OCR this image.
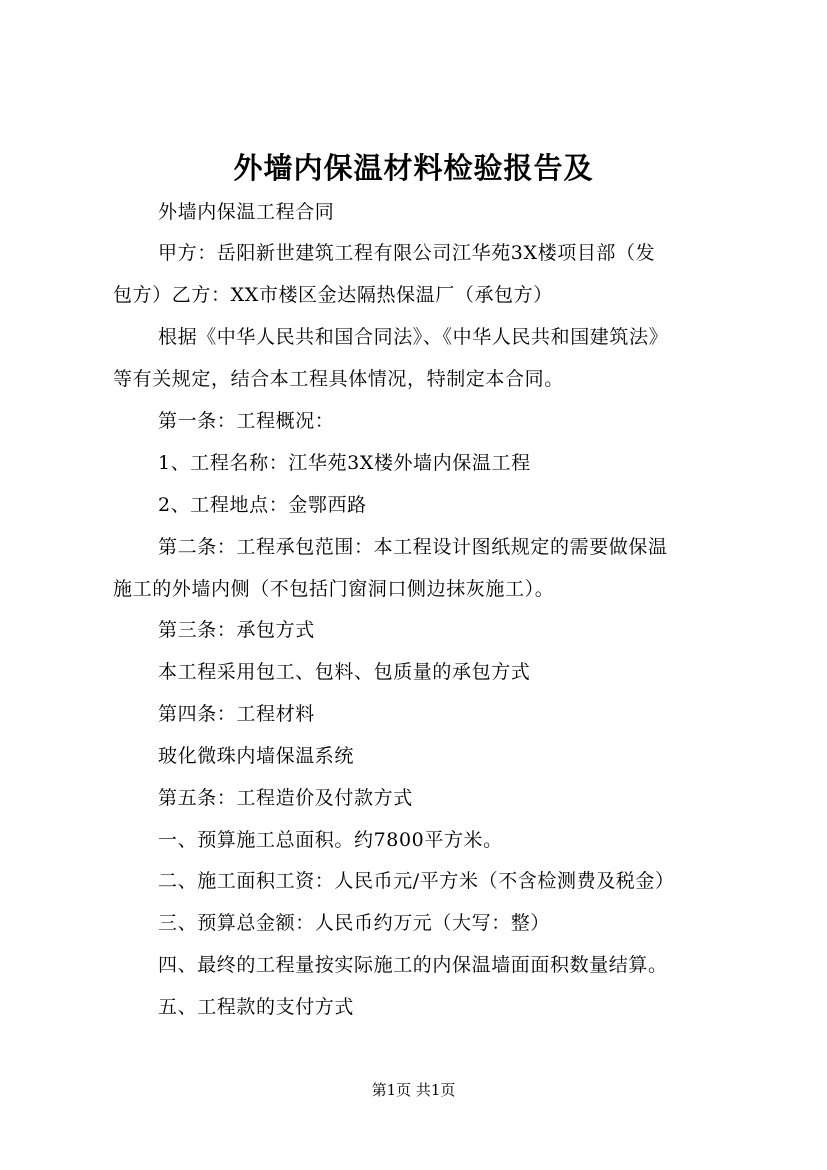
外墙内保温材料检验报告及
外墙内保温工程合同
甲方：岳阳新世建筑工程有限公司江华苑3X楼项目部（发
包方）乙方：XX市楼区金达隔热保温厂（承包方）
根据《中华人民共和国合同法》、《中华人民共和国建筑法》
等有关规定，结合本工程具体情况，特制定本合同。
第一条：工程概况：
1、工程名称：江华苑3X楼外墙内保温工程
2、工程地点：金鄂西路
第二条：工程承包范围：本工程设计图纸规定的需要做保温
施工的外墙内侧（不包括门窗洞口侧边抹灰施工）。
第三条：承包方式
本工程采用包工、包料、包质量的承包方式
第四条：工程材料
玻化微珠内墙保温系统
第五条：工程造价及付款方式
一、预算施工总面积。约7800平方米。
二、施工面积工资：人民币元/平方米（不含检测费及税金）
三、预算总金额：人民币约万元（大写：整）
四、最终的工程量按实际施工的内保温墙面面积数量结算。
五、工程款的支付方式
第1页 共1页
